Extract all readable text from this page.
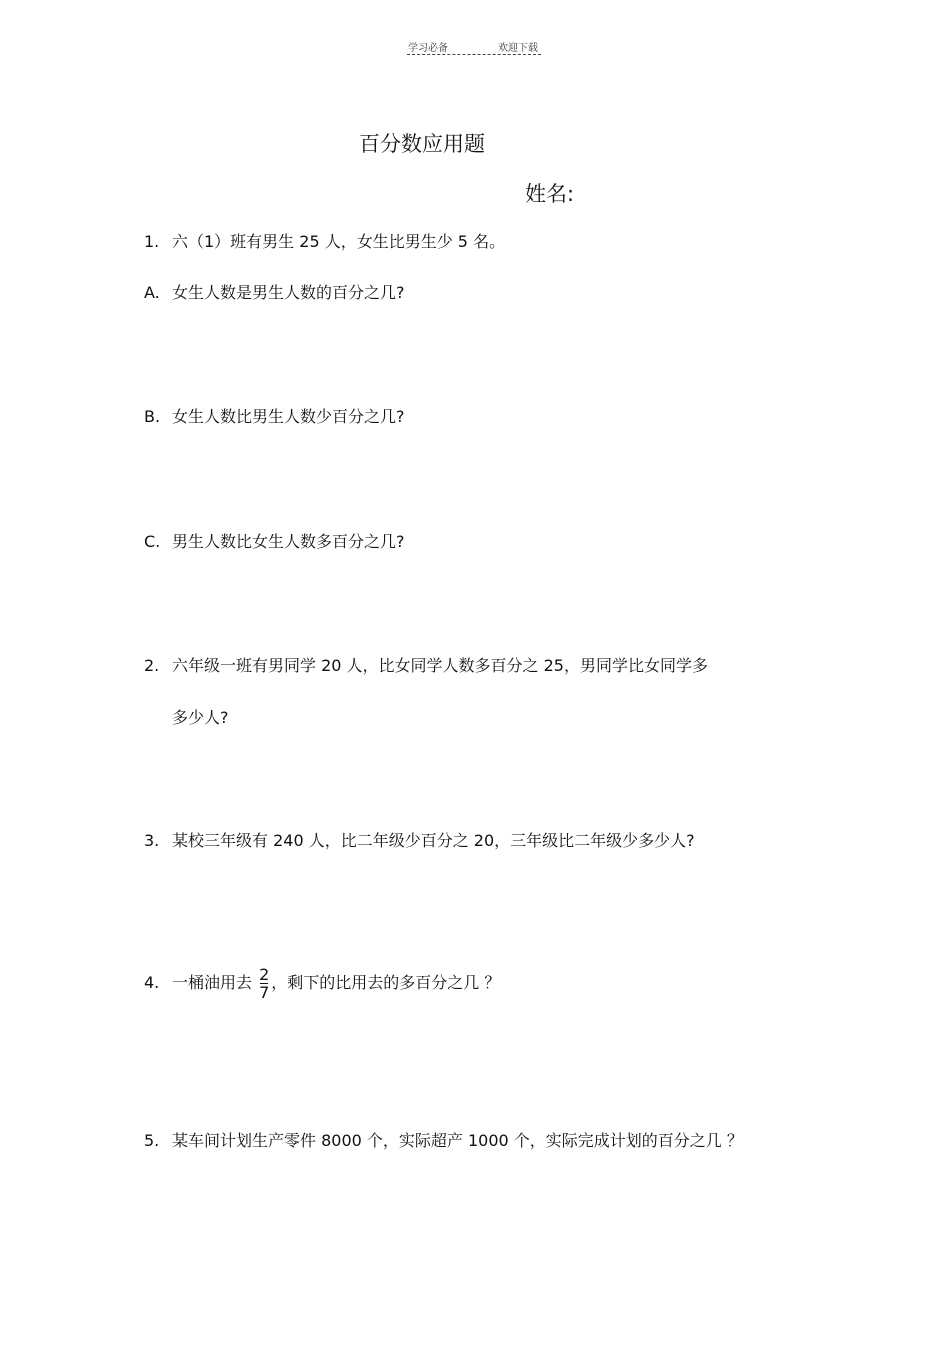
学习必备	欢迎下载
百分数应用题
姓名:
1. 六（1）班有男生 25 人，女生比男生少 5 名。
A. 女生人数是男生人数的百分之几?
B. 女生人数比男生人数少百分之几?
C. 男生人数比女生人数多百分之几?
2. 六年级一班有男同学 20 人，比女同学人数多百分之 25，男同学比女同学多
多少人?
3. 某校三年级有 240 人，比二年级少百分之 20，三年级比二年级少多少人?
4. 一桶油用去 $\frac{2}{7}$ ，剩下的比用去的多百分之几 ？
5. 某车间计划生产零件 8000 个，实际超产 1000 个，实际完成计划的百分之几 ？
